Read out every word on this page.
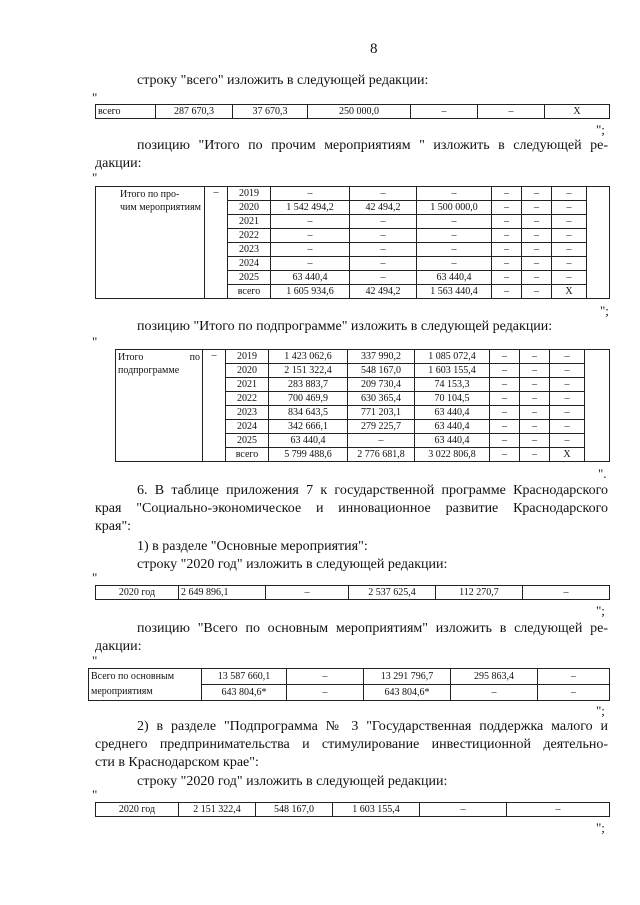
8
строку "всего" изложить в следующей редакции:
"
всего	287 670,3	37 670,3	250 000,0	–	–	Х
";
позицию "Итого по прочим мероприятиям " изложить в следующей ре-
дакции:
"
	Итого по про-
чим мероприятиям	–	2019	–	–	–	–	–	–	
			2020	1 542 494,2	42 494,2	1 500 000,0	–	–	–	
			2021	–	–	–	–	–	–	
			2022	–	–	–	–	–	–	
			2023	–	–	–	–	–	–	
			2024	–	–	–	–	–	–	
			2025	63 440,4	–	63 440,4	–	–	–	
			всего	1 605 934,6	42 494,2	1 563 440,4	–	–	Х	
";
позицию "Итого по подпрограмме" изложить в следующей редакции:
"
Итого по
подпрограмме	–	2019	1 423 062,6	337 990,2	1 085 072,4	–	–	–	
		2020	2 151 322,4	548 167,0	1 603 155,4	–	–	–	
		2021	283 883,7	209 730,4	74 153,3	–	–	–	
		2022	700 469,9	630 365,4	70 104,5	–	–	–	
		2023	834 643,5	771 203,1	63 440,4	–	–	–	
		2024	342 666,1	279 225,7	63 440,4	–	–	–	
		2025	63 440,4	–	63 440,4	–	–	–	
		всего	5 799 488,6	2 776 681,8	3 022 806,8	–	–	Х	
".
6. В таблице приложения 7 к государственной программе Краснодарского
края "Социально-экономическое и инновационное развитие Краснодарского
края":
1) в разделе "Основные мероприятия":
строку "2020 год" изложить в следующей редакции:
"
2020 год	2 649 896,1	–	2 537 625,4	112 270,7	–
";
позицию "Всего по основным мероприятиям" изложить в следующей ре-
дакции:
"
Всего по основным
мероприятиям	13 587 660,1	–	13 291 796,7	295 863,4	–
	643 804,6*	–	643 804,6*	–	–
";
2) в разделе "Подпрограмма № 3 "Государственная поддержка малого и
среднего предпринимательства и стимулирование инвестиционной деятельно-
сти в Краснодарском крае":
строку "2020 год" изложить в следующей редакции:
"
2020 год	2 151 322,4	548 167,0	1 603 155,4	–	–
";
